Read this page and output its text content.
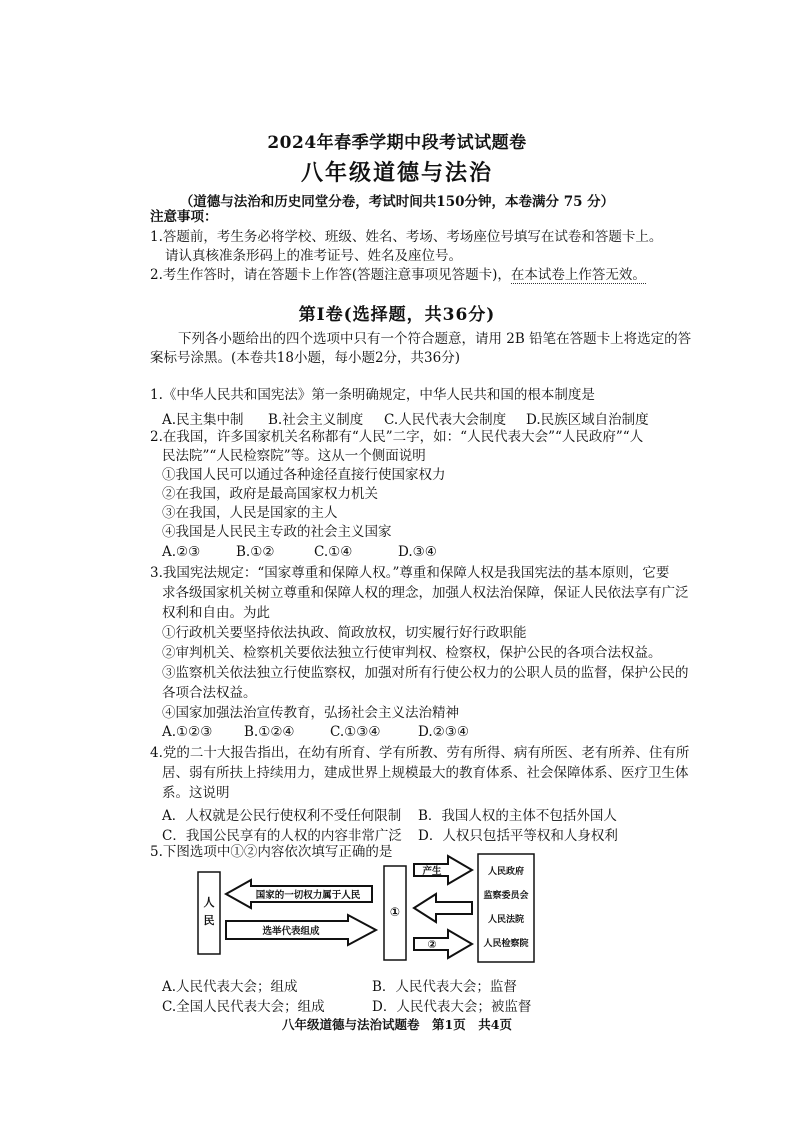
2024年春季学期中段考试试题卷
八年级道德与法治
（道德与法治和历史同堂分卷，考试时间共150分钟，本卷满分 75 分）
注意事项：
1.答题前，考生务必将学校、班级、姓名、考场、考场座位号填写在试卷和答题卡上。
请认真核准条形码上的准考证号、姓名及座位号。
2.考生作答时，请在答题卡上作答(答题注意事项见答题卡)，在本试卷上作答无效。
第Ⅰ卷(选择题，共36分)
下列各小题给出的四个选项中只有一个符合题意，请用 2B 铅笔在答题卡上将选定的答
案标号涂黑。(本卷共18小题，每小题2分，共36分)
1.《中华人民共和国宪法》第一条明确规定，中华人民共和国的根本制度是
A.民主集中制 B.社会主义制度 C.人民代表大会制度 D.民族区域自治制度
2.在我国，许多国家机关名称都有“人民”二字，如：“人民代表大会”“人民政府”“人
民法院”“人民检察院”等。这从一个侧面说明
①我国人民可以通过各种途径直接行使国家权力
②在我国，政府是最高国家权力机关
③在我国，人民是国家的主人
④我国是人民民主专政的社会主义国家
A.②③	B.①②	C.①④	D.③④
3.我国宪法规定：“国家尊重和保障人权。”尊重和保障人权是我国宪法的基本原则，它要
求各级国家机关树立尊重和保障人权的理念，加强人权法治保障，保证人民依法享有广泛
权利和自由。为此
①行政机关要坚持依法执政、简政放权，切实履行好行政职能
②审判机关、检察机关要依法独立行使审判权、检察权，保护公民的各项合法权益。
③监察机关依法独立行使监察权，加强对所有行使公权力的公职人员的监督，保护公民的
各项合法权益。
④国家加强法治宣传教育，弘扬社会主义法治精神
A.①②③ B.①②④	C.①③④	D.②③④
4.党的二十大报告指出，在幼有所育、学有所教、劳有所得、病有所医、老有所养、住有所
居、弱有所扶上持续用力，建成世界上规模最大的教育体系、社会保障体系、医疗卫生体
系。这说明
A．人权就是公民行使权利不受任何限制 B．我国人权的主体不包括外国人
C．我国公民享有的人权的内容非常广泛 D．人权只包括平等权和人身权利
5.下图选项中①②内容依次填写正确的是
人
民
国家的一切权力属于人民
选举代表组成
①
产生
②
人民政府
监察委员会
人民法院
人民检察院
A.人民代表大会；组成	B．人民代表大会；监督
C.全国人民代表大会；组成	D．人民代表大会；被监督
八年级道德与法治试题卷　第1页　共4页
